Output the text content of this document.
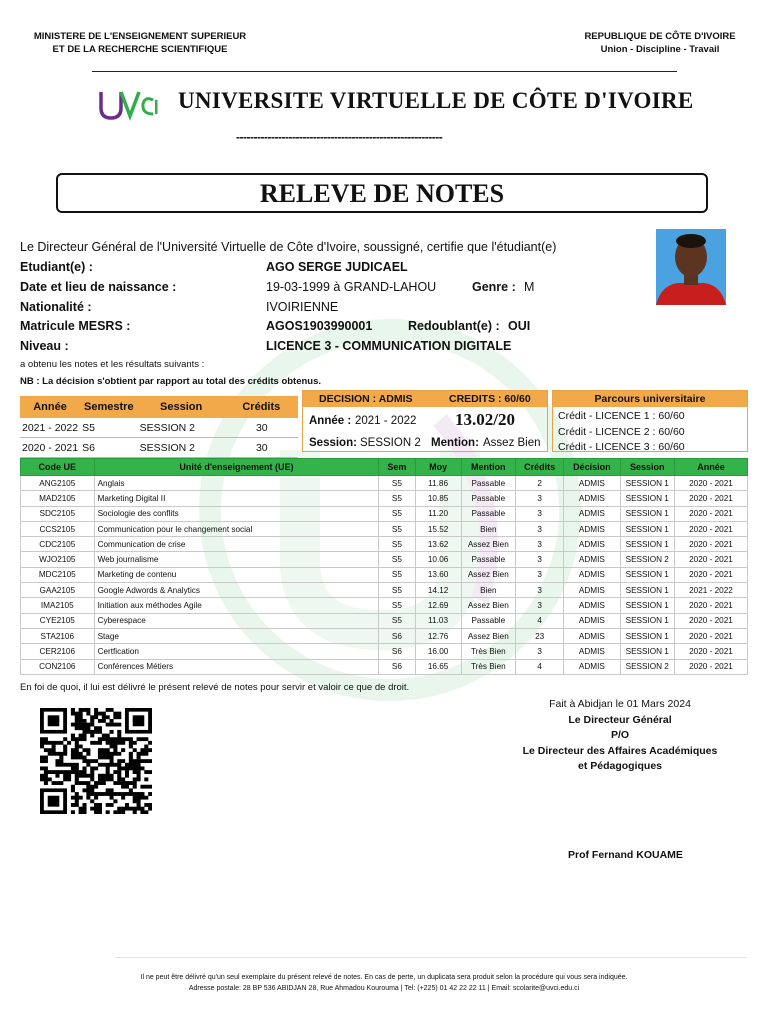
MINISTERE DE L'ENSEIGNEMENT SUPERIEUR
ET DE LA RECHERCHE SCIENTIFIQUE
REPUBLIQUE DE CÔTE D'IVOIRE
Union - Discipline - Travail
UNIVERSITE VIRTUELLE DE CÔTE D'IVOIRE
-----------------------------------------------------------
RELEVE DE NOTES
Le Directeur Général de l'Université Virtuelle de Côte d'Ivoire, soussigné, certifie que l'étudiant(e)
Etudiant(e) :	AGO SERGE JUDICAEL
Date et lieu de naissance :	19-03-1999 à GRAND-LAHOU	Genre : M
Nationalité :	IVOIRIENNE
Matricule MESRS :	AGOS1903990001	Redoublant(e) : OUI
Niveau :	LICENCE 3 - COMMUNICATION DIGITALE
a obtenu les notes et les résultats suivants :
NB : La décision s'obtient par rapport au total des crédits obtenus.
Année	Semestre	Session	Crédits
2021 - 2022	S5	SESSION 2	30
2020 - 2021	S6	SESSION 2	30
DECISION : ADMIS	CREDITS : 60/60
Année : 2021 - 2022 13.02/20
Session: SESSION 2 Mention: Assez Bien
Parcours universitaire
Crédit - LICENCE 1 : 60/60
Crédit - LICENCE 2 : 60/60
Crédit - LICENCE 3 : 60/60
Code UE	Unité d'enseignement (UE)	Sem	Moy	Mention	Crédits	Décision	Session	Année
ANG2105	Anglais	S5	11.86	Passable	2	ADMIS	SESSION 1	2020 - 2021
MAD2105	Marketing Digital II	S5	10.85	Passable	3	ADMIS	SESSION 1	2020 - 2021
SDC2105	Sociologie des conflits	S5	11.20	Passable	3	ADMIS	SESSION 1	2020 - 2021
CCS2105	Communication pour le changement social	S5	15.52	Bien	3	ADMIS	SESSION 1	2020 - 2021
CDC2105	Communication de crise	S5	13.62	Assez Bien	3	ADMIS	SESSION 1	2020 - 2021
WJO2105	Web journalisme	S5	10.06	Passable	3	ADMIS	SESSION 2	2020 - 2021
MDC2105	Marketing de contenu	S5	13.60	Assez Bien	3	ADMIS	SESSION 1	2020 - 2021
GAA2105	Google Adwords & Analytics	S5	14.12	Bien	3	ADMIS	SESSION 1	2021 - 2022
IMA2105	Initiation aux méthodes Agile	S5	12.69	Assez Bien	3	ADMIS	SESSION 1	2020 - 2021
CYE2105	Cyberespace	S5	11.03	Passable	4	ADMIS	SESSION 1	2020 - 2021
STA2106	Stage	S6	12.76	Assez Bien	23	ADMIS	SESSION 1	2020 - 2021
CER2106	Certfication	S6	16.00	Très Bien	3	ADMIS	SESSION 1	2020 - 2021
CON2106	Conférences Métiers	S6	16.65	Très Bien	4	ADMIS	SESSION 2	2020 - 2021
En foi de quoi, il lui est délivré le présent relevé de notes pour servir et valoir ce que de droit.
Fait à Abidjan le 01 Mars 2024
Le Directeur Général
P/O
Le Directeur des Affaires Académiques
et Pédagogiques
Prof Fernand KOUAME
Il ne peut être délivré qu'un seul exemplaire du présent relevé de notes. En cas de perte, un duplicata sera produit selon la procédure qui vous sera indiquée.
Adresse postale: 28 BP 536 ABIDJAN 28, Rue Ahmadou Kourouma | Tel: (+225) 01 42 22 22 11 | Email: scolarite@uvci.edu.ci
